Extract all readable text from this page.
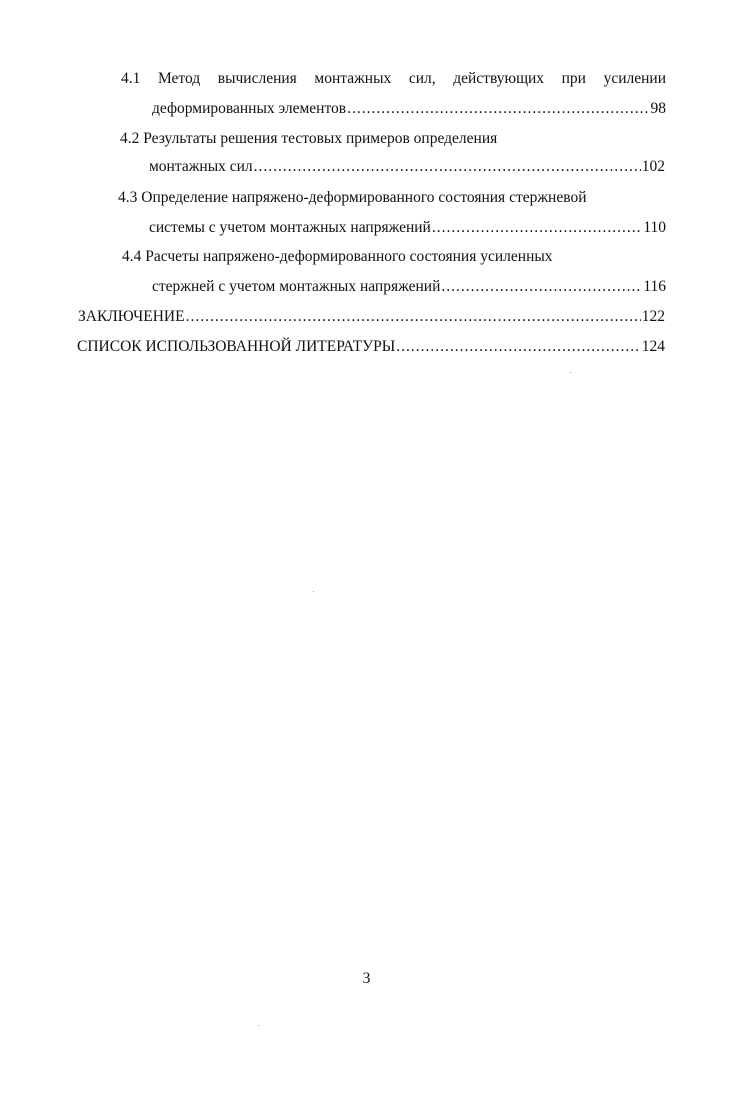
4.1 Метод вычисления монтажных сил, действующих при усилении
деформированных элементов .....	98
4.2 Результаты решения тестовых примеров определения
монтажных сил .....	102
4.3 Определение напряжено-деформированного состояния стержневой
системы с учетом монтажных напряжений .....	110
4.4 Расчеты напряжено-деформированного состояния усиленных
стержней с учетом монтажных напряжений .....	116
ЗАКЛЮЧЕНИЕ .....	122
СПИСОК ИСПОЛЬЗОВАННОЙ ЛИТЕРАТУРЫ .....	124
3
